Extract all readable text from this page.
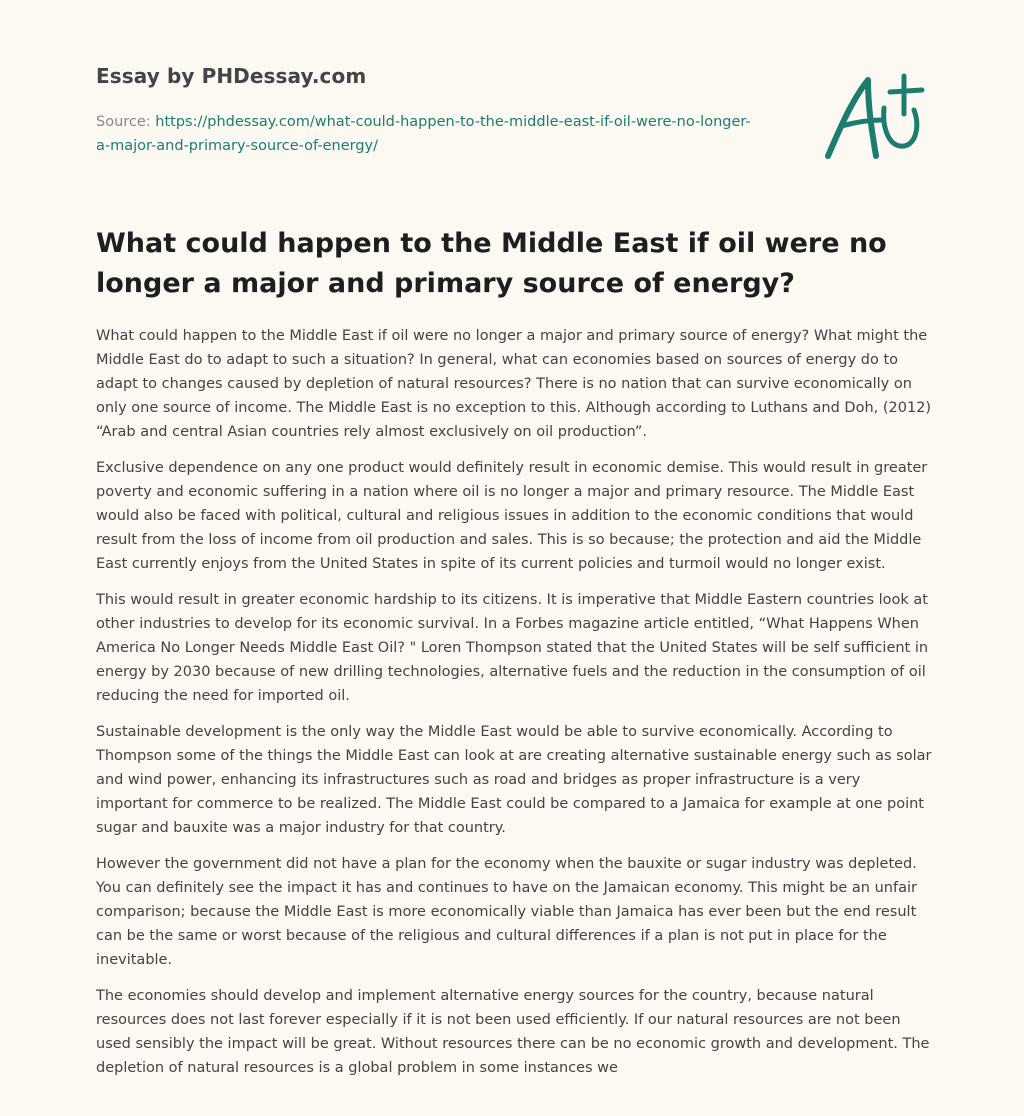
Essay by PHDessay.com

Source: https://phdessay.com/what-could-happen-to-the-middle-east-if-oil-were-no-longer-a-major-and-primary-source-of-energy/
What could happen to the Middle East if oil were no longer a major and primary source of energy?

What could happen to the Middle East if oil were no longer a major and primary source of energy? What might the Middle East do to adapt to such a situation? In general, what can economies based on sources of energy do to adapt to changes caused by depletion of natural resources? There is no nation that can survive economically on only one source of income. The Middle East is no exception to this. Although according to Luthans and Doh, (2012) “Arab and central Asian countries rely almost exclusively on oil production”.

Exclusive dependence on any one product would definitely result in economic demise. This would result in greater poverty and economic suffering in a nation where oil is no longer a major and primary resource. The Middle East would also be faced with political, cultural and religious issues in addition to the economic conditions that would result from the loss of income from oil production and sales. This is so because; the protection and aid the Middle East currently enjoys from the United States in spite of its current policies and turmoil would no longer exist.

This would result in greater economic hardship to its citizens. It is imperative that Middle Eastern countries look at other industries to develop for its economic survival. In a Forbes magazine article entitled, “What Happens When America No Longer Needs Middle East Oil? " Loren Thompson stated that the United States will be self sufficient in energy by 2030 because of new drilling technologies, alternative fuels and the reduction in the consumption of oil reducing the need for imported oil.

Sustainable development is the only way the Middle East would be able to survive economically. According to Thompson some of the things the Middle East can look at are creating alternative sustainable energy such as solar and wind power, enhancing its infrastructures such as road and bridges as proper infrastructure is a very important for commerce to be realized. The Middle East could be compared to a Jamaica for example at one point sugar and bauxite was a major industry for that country.

However the government did not have a plan for the economy when the bauxite or sugar industry was depleted. You can definitely see the impact it has and continues to have on the Jamaican economy. This might be an unfair comparison; because the Middle East is more economically viable than Jamaica has ever been but the end result can be the same or worst because of the religious and cultural differences if a plan is not put in place for the inevitable.

The economies should develop and implement alternative energy sources for the country, because natural resources does not last forever especially if it is not been used efficiently. If our natural resources are not been used sensibly the impact will be great. Without resources there can be no economic growth and development. The depletion of natural resources is a global problem in some instances we
